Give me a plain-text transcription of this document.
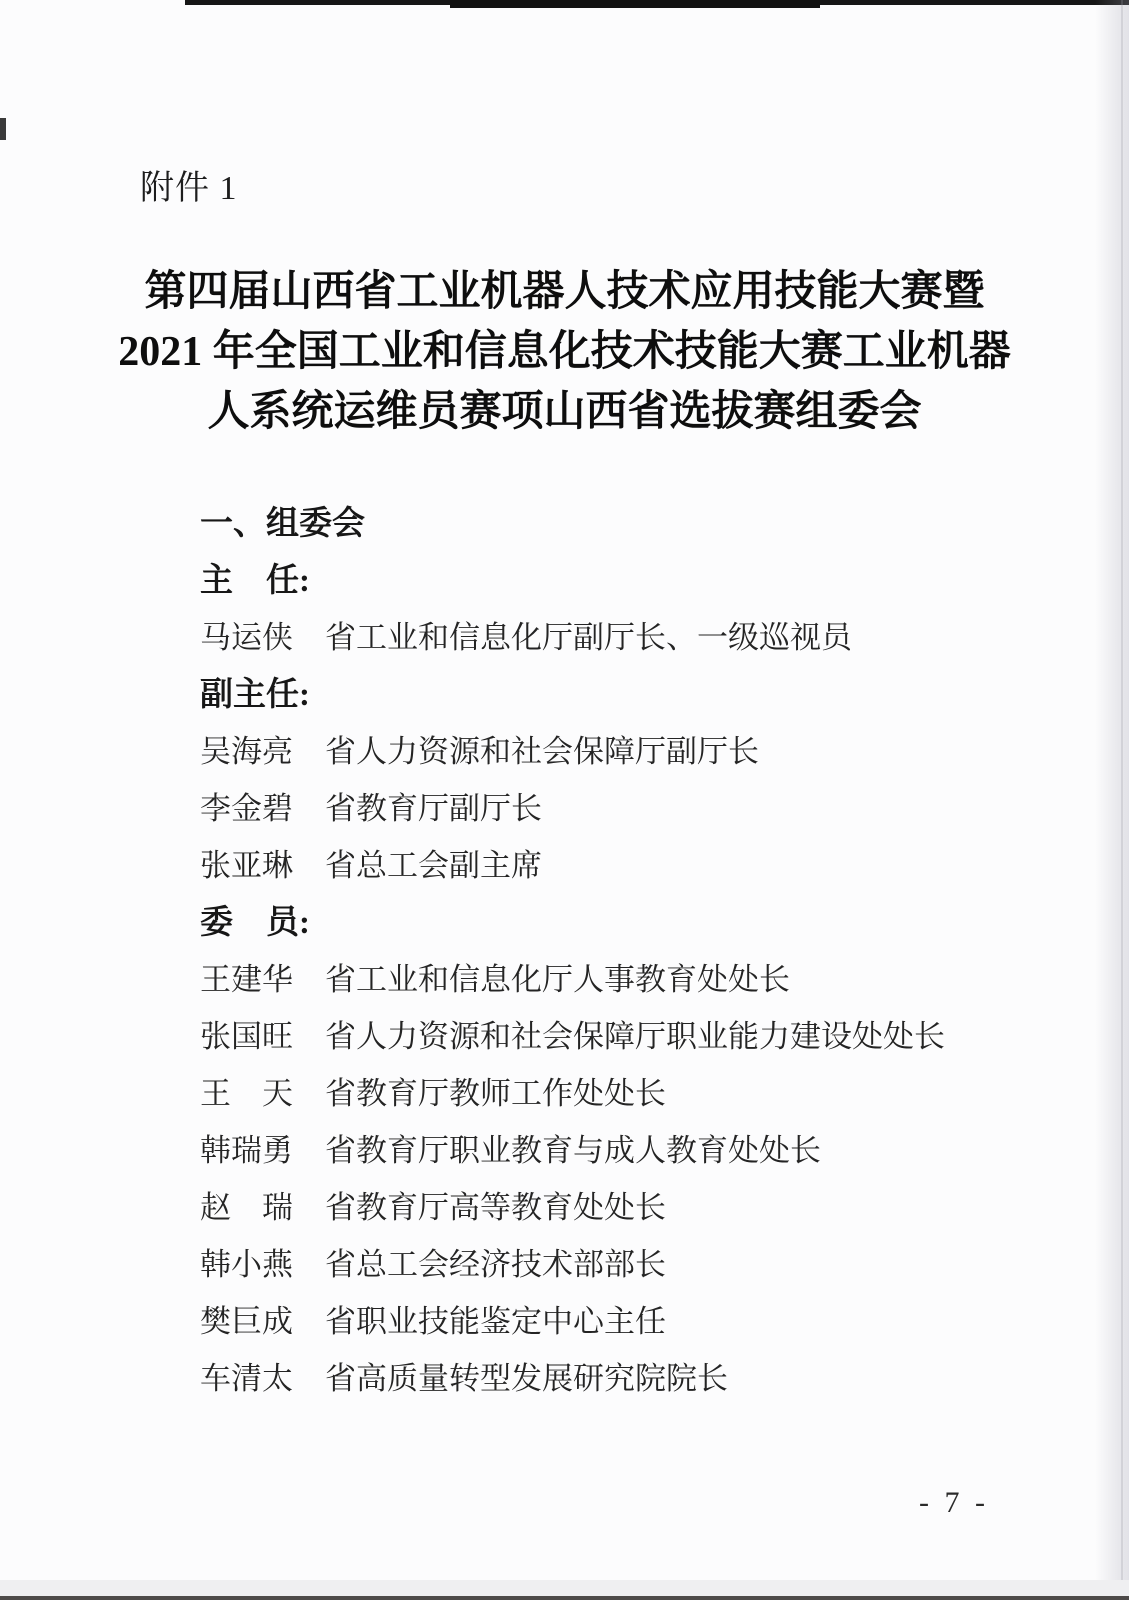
附件 1
第四届山西省工业机器人技术应用技能大赛暨
2021 年全国工业和信息化技术技能大赛工业机器
人系统运维员赛项山西省选拔赛组委会
一、组委会
主　任:
马运侠	省工业和信息化厅副厅长、一级巡视员
副主任:
吴海亮	省人力资源和社会保障厅副厅长
李金碧	省教育厅副厅长
张亚琳	省总工会副主席
委　员:
王建华	省工业和信息化厅人事教育处处长
张国旺	省人力资源和社会保障厅职业能力建设处处长
王　天	省教育厅教师工作处处长
韩瑞勇	省教育厅职业教育与成人教育处处长
赵　瑞	省教育厅高等教育处处长
韩小燕	省总工会经济技术部部长
樊巨成	省职业技能鉴定中心主任
车清太	省高质量转型发展研究院院长
- 7 -
